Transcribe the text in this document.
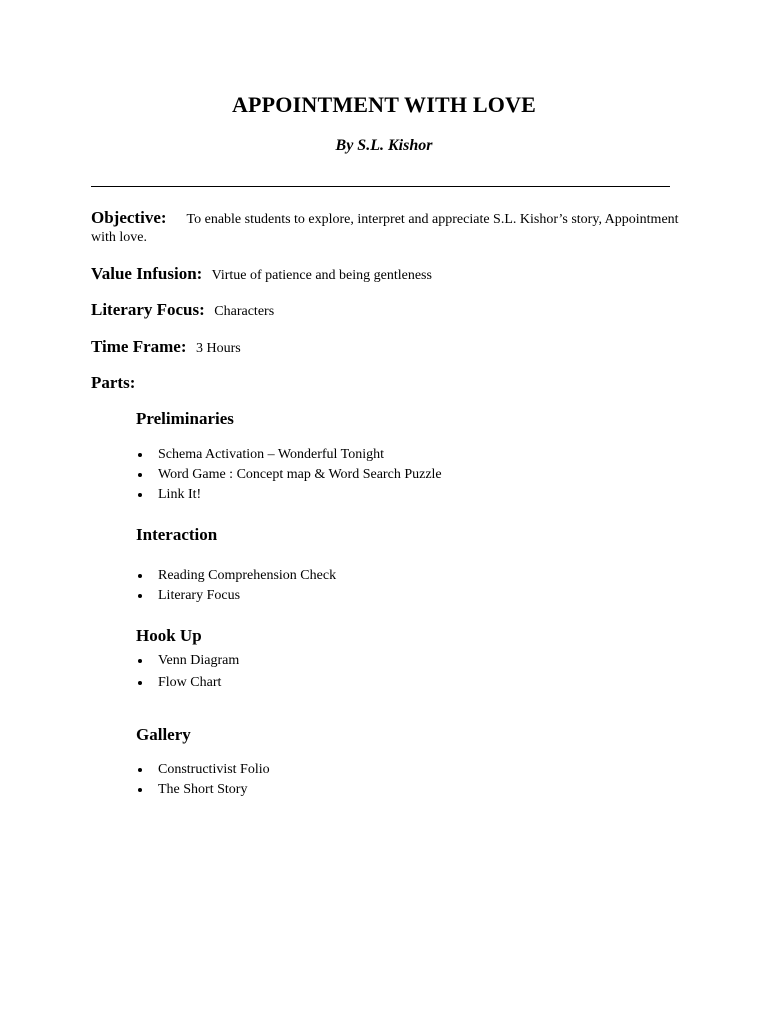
APPOINTMENT WITH LOVE
By S.L. Kishor
Objective: To enable students to explore, interpret and appreciate S.L. Kishor’s story, Appointment
with love.
Value Infusion: Virtue of patience and being gentleness
Literary Focus: Characters
Time Frame: 3 Hours
Parts:
Preliminaries
Schema Activation – Wonderful Tonight
Word Game : Concept map & Word Search Puzzle
Link It!
Interaction
Reading Comprehension Check
Literary Focus
Hook Up
Venn Diagram
Flow Chart
Gallery
Constructivist Folio
The Short Story
